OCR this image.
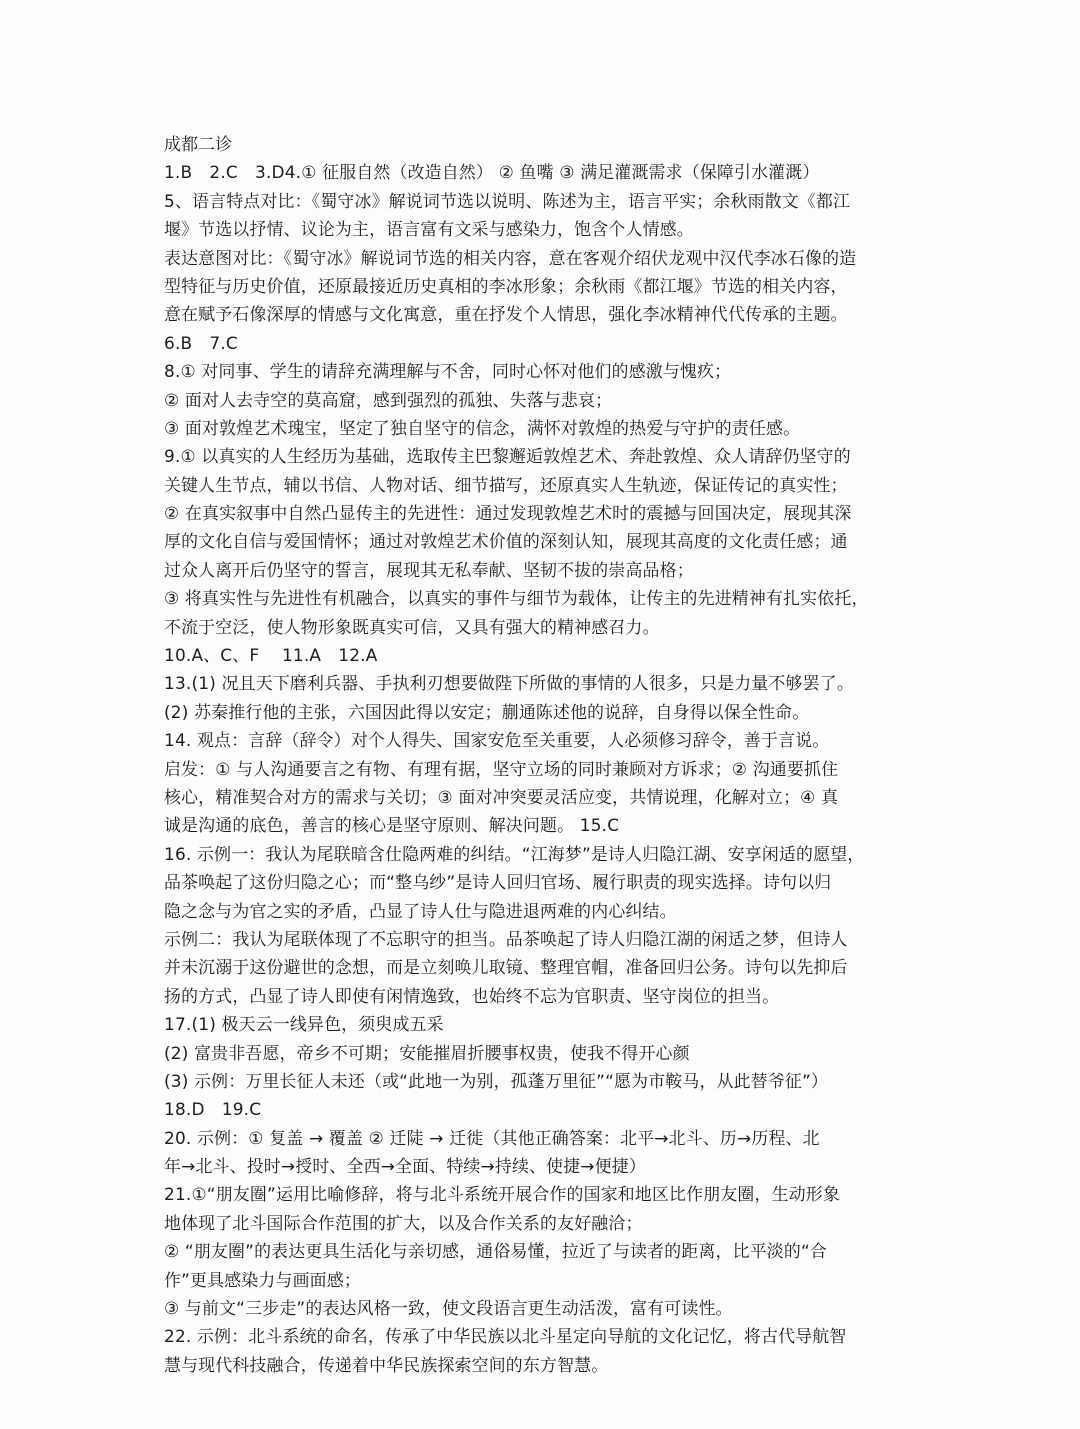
成都二诊
1.B　2.C　3.D4.① 征服自然（改造自然） ② 鱼嘴 ③ 满足灌溉需求（保障引水灌溉）
5、语言特点对比：《蜀守冰》解说词节选以说明、陈述为主，语言平实；余秋雨散文《都江
堰》节选以抒情、议论为主，语言富有文采与感染力，饱含个人情感。
表达意图对比：《蜀守冰》解说词节选的相关内容，意在客观介绍伏龙观中汉代李冰石像的造
型特征与历史价值，还原最接近历史真相的李冰形象；余秋雨《都江堰》节选的相关内容，
意在赋予石像深厚的情感与文化寓意，重在抒发个人情思，强化李冰精神代代传承的主题。
6.B　7.C
8.① 对同事、学生的请辞充满理解与不舍，同时心怀对他们的感激与愧疚；
② 面对人去寺空的莫高窟，感到强烈的孤独、失落与悲哀；
③ 面对敦煌艺术瑰宝，坚定了独自坚守的信念，满怀对敦煌的热爱与守护的责任感。
9.① 以真实的人生经历为基础，选取传主巴黎邂逅敦煌艺术、奔赴敦煌、众人请辞仍坚守的
关键人生节点，辅以书信、人物对话、细节描写，还原真实人生轨迹，保证传记的真实性；
② 在真实叙事中自然凸显传主的先进性：通过发现敦煌艺术时的震撼与回国决定，展现其深
厚的文化自信与爱国情怀；通过对敦煌艺术价值的深刻认知，展现其高度的文化责任感；通
过众人离开后仍坚守的誓言，展现其无私奉献、坚韧不拔的崇高品格；
③ 将真实性与先进性有机融合，以真实的事件与细节为载体，让传主的先进精神有扎实依托，
不流于空泛，使人物形象既真实可信，又具有强大的精神感召力。
10.A、C、F　 11.A　12.A
13.(1) 况且天下磨利兵器、手执利刃想要做陛下所做的事情的人很多，只是力量不够罢了。
(2) 苏秦推行他的主张，六国因此得以安定；蒯通陈述他的说辞，自身得以保全性命。
14. 观点：言辞（辞令）对个人得失、国家安危至关重要，人必须修习辞令，善于言说。
启发：① 与人沟通要言之有物、有理有据，坚守立场的同时兼顾对方诉求；② 沟通要抓住
核心，精准契合对方的需求与关切；③ 面对冲突要灵活应变，共情说理，化解对立；④ 真
诚是沟通的底色，善言的核心是坚守原则、解决问题。 15.C
16. 示例一：我认为尾联暗含仕隐两难的纠结。“江海梦”是诗人归隐江湖、安享闲适的愿望，
品茶唤起了这份归隐之心；而“整乌纱”是诗人回归官场、履行职责的现实选择。诗句以归
隐之念与为官之实的矛盾，凸显了诗人仕与隐进退两难的内心纠结。
示例二：我认为尾联体现了不忘职守的担当。品茶唤起了诗人归隐江湖的闲适之梦，但诗人
并未沉溺于这份避世的念想，而是立刻唤儿取镜、整理官帽，准备回归公务。诗句以先抑后
扬的方式，凸显了诗人即使有闲情逸致，也始终不忘为官职责、坚守岗位的担当。
17.(1) 极天云一线异色，须臾成五采
(2) 富贵非吾愿，帝乡不可期；安能摧眉折腰事权贵，使我不得开心颜
(3) 示例：万里长征人未还（或“此地一为别，孤蓬万里征”“愿为市鞍马，从此替爷征”）
18.D　19.C
20. 示例：① 复盖 → 覆盖 ② 迁陡 → 迁徙（其他正确答案：北平→北斗、历→历程、北
年→北斗、投时→授时、全西→全面、特续→持续、使捷→便捷）
21.①“朋友圈”运用比喻修辞，将与北斗系统开展合作的国家和地区比作朋友圈，生动形象
地体现了北斗国际合作范围的扩大，以及合作关系的友好融洽；
② “朋友圈”的表达更具生活化与亲切感，通俗易懂，拉近了与读者的距离，比平淡的“合
作”更具感染力与画面感；
③ 与前文“三步走”的表达风格一致，使文段语言更生动活泼，富有可读性。
22. 示例：北斗系统的命名，传承了中华民族以北斗星定向导航的文化记忆，将古代导航智
慧与现代科技融合，传递着中华民族探索空间的东方智慧。
